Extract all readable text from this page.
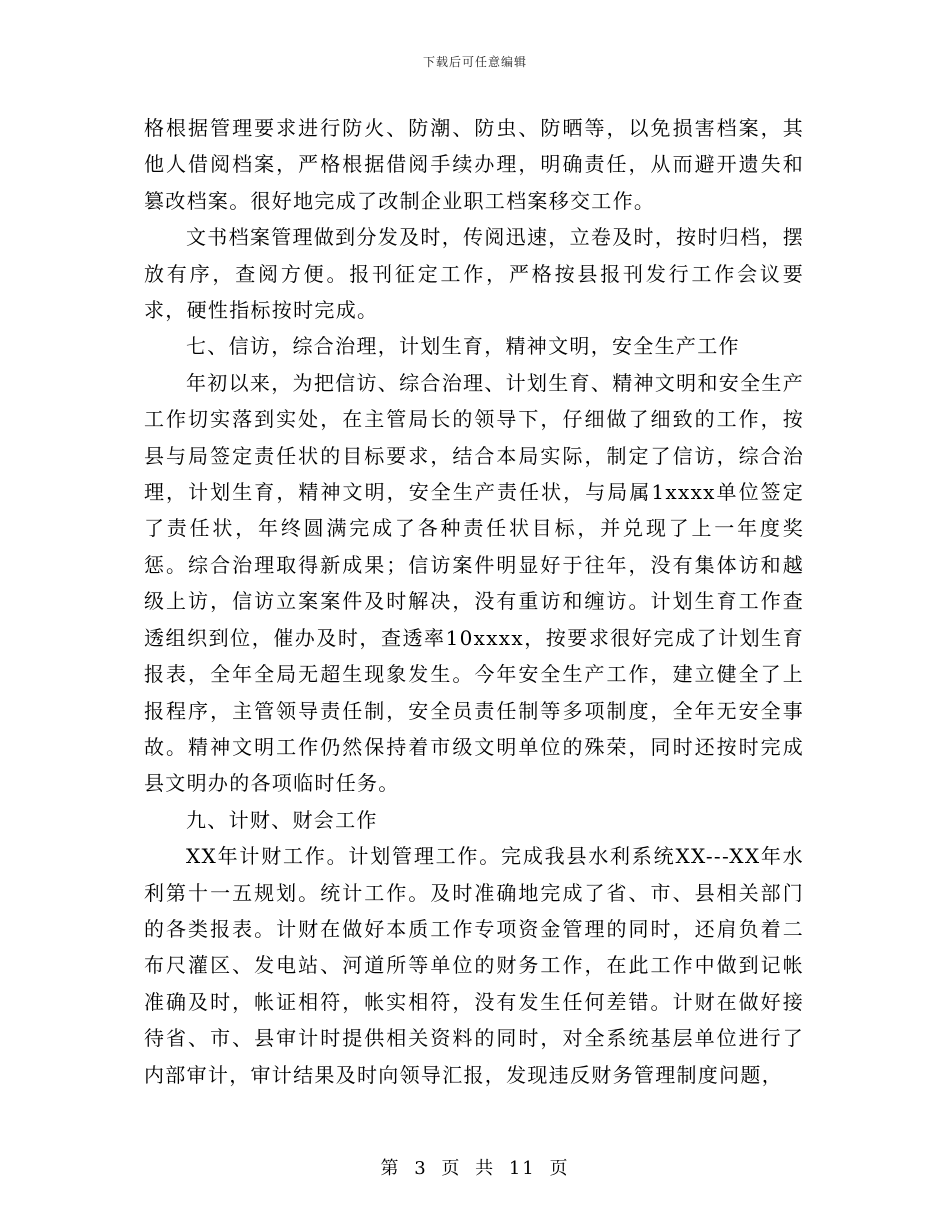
下载后可任意编辑

格根据管理要求进行防火、防潮、防虫、防晒等，以免损害档案，其他人借阅档案，严格根据借阅手续办理，明确责任，从而避开遗失和篡改档案。很好地完成了改制企业职工档案移交工作。

文书档案管理做到分发及时，传阅迅速，立卷及时，按时归档，摆放有序，查阅方便。报刊征定工作，严格按县报刊发行工作会议要求，硬性指标按时完成。

七、信访，综合治理，计划生育，精神文明，安全生产工作

年初以来，为把信访、综合治理、计划生育、精神文明和安全生产工作切实落到实处，在主管局长的领导下，仔细做了细致的工作，按县与局签定责任状的目标要求，结合本局实际，制定了信访，综合治理，计划生育，精神文明，安全生产责任状，与局属1xxxx单位签定了责任状，年终圆满完成了各种责任状目标，并兑现了上一年度奖惩。综合治理取得新成果；信访案件明显好于往年，没有集体访和越级上访，信访立案案件及时解决，没有重访和缠访。计划生育工作查透组织到位，催办及时，查透率10xxxx，按要求很好完成了计划生育报表，全年全局无超生现象发生。今年安全生产工作，建立健全了上报程序，主管领导责任制，安全员责任制等多项制度，全年无安全事故。精神文明工作仍然保持着市级文明单位的殊荣，同时还按时完成县文明办的各项临时任务。

九、计财、财会工作

XX年计财工作。计划管理工作。完成我县水利系统XX---XX年水利第十一五规划。统计工作。及时准确地完成了省、市、县相关部门的各类报表。计财在做好本质工作专项资金管理的同时，还肩负着二布尺灌区、发电站、河道所等单位的财务工作，在此工作中做到记帐准确及时，帐证相符，帐实相符，没有发生任何差错。计财在做好接待省、市、县审计时提供相关资料的同时，对全系统基层单位进行了内部审计，审计结果及时向领导汇报，发现违反财务管理制度问题，

第 3 页 共 11 页
